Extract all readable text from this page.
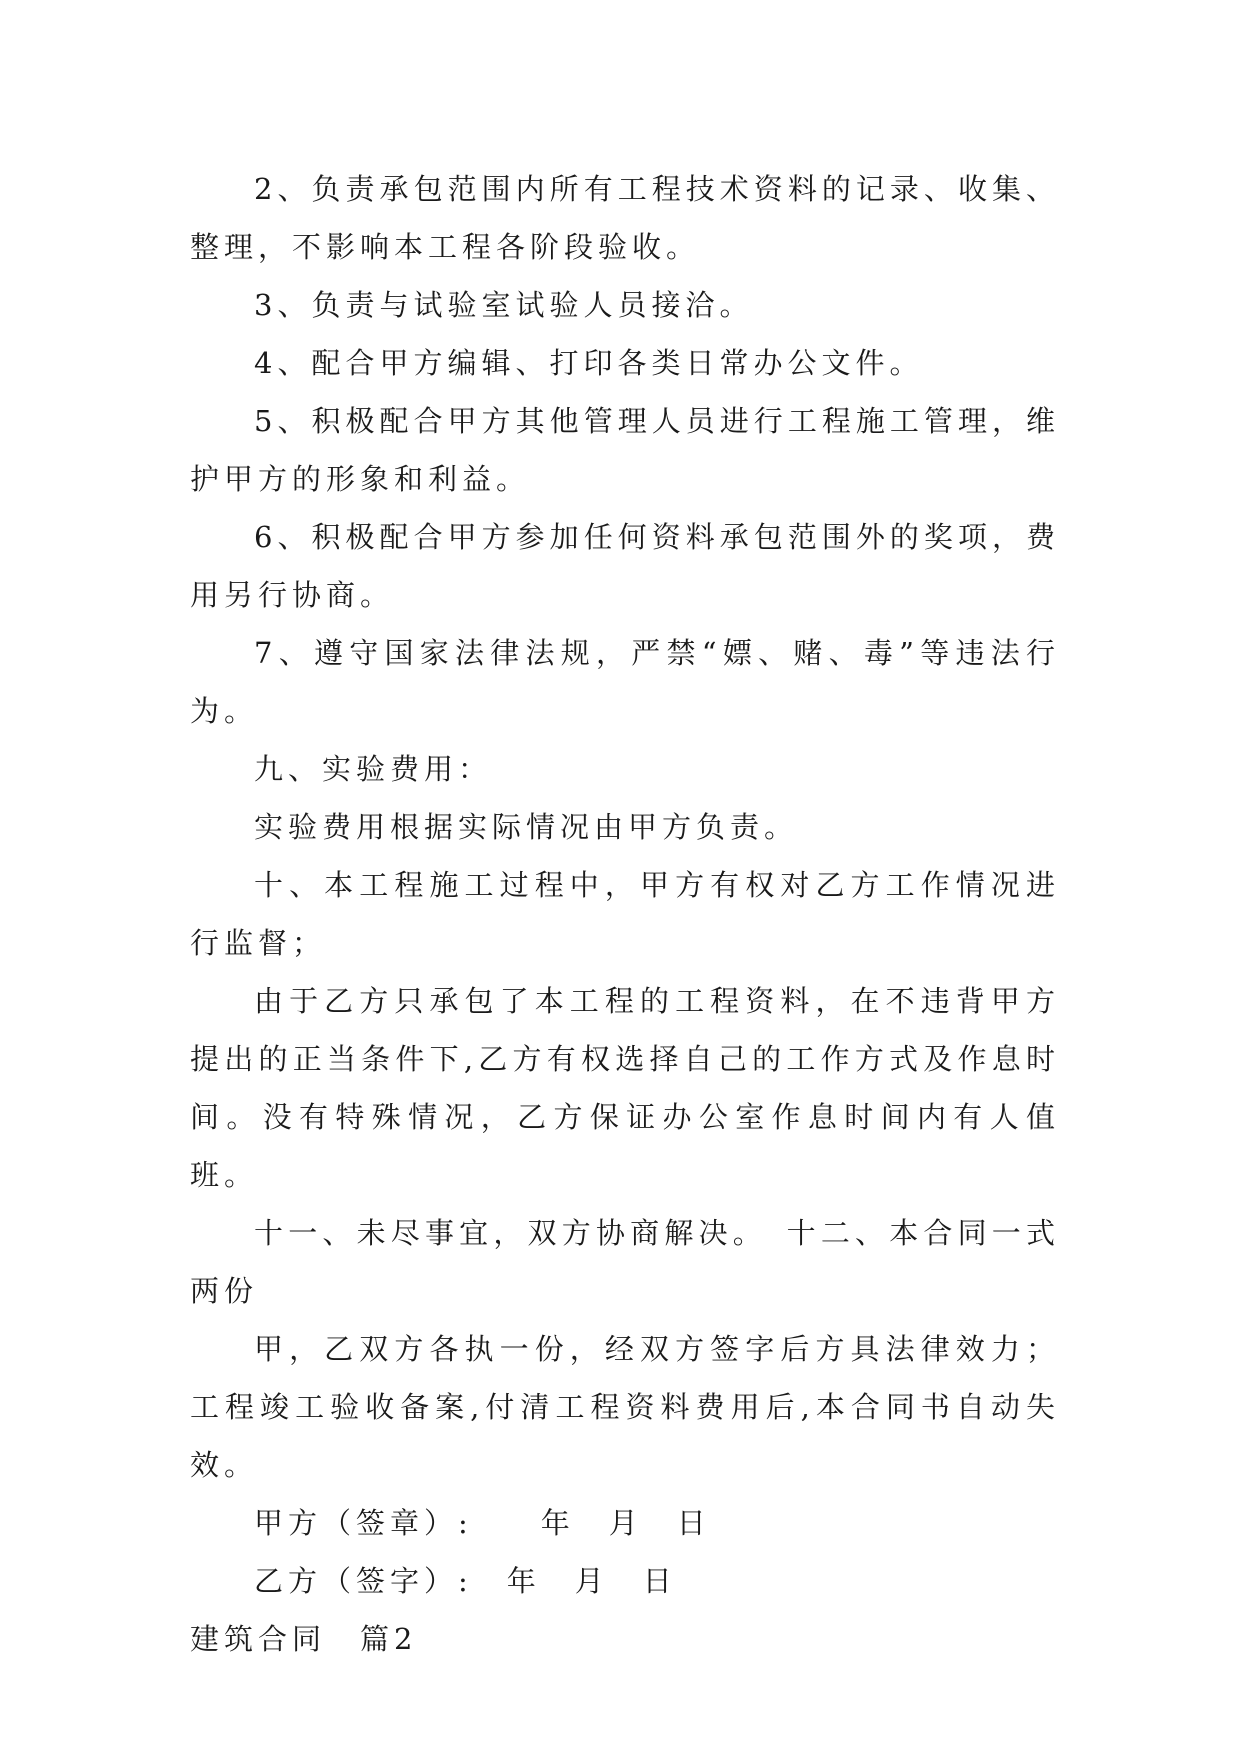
2、负责承包范围内所有工程技术资料的记录、收集、整理，不影响本工程各阶段验收。

3、负责与试验室试验人员接洽。

4、配合甲方编辑、打印各类日常办公文件。

5、积极配合甲方其他管理人员进行工程施工管理，维护甲方的形象和利益。

6、积极配合甲方参加任何资料承包范围外的奖项，费用另行协商。

7、遵守国家法律法规，严禁“嫖、赌、毒”等违法行为。

九、实验费用：

实验费用根据实际情况由甲方负责。

十、本工程施工过程中，甲方有权对乙方工作情况进行监督；

由于乙方只承包了本工程的工程资料，在不违背甲方提出的正当条件下,乙方有权选择自己的工作方式及作息时间。没有特殊情况，乙方保证办公室作息时间内有人值班。

十一、未尽事宜，双方协商解决。　十二、本合同一式两份

甲，乙双方各执一份，经双方签字后方具法律效力；工程竣工验收备案,付清工程资料费用后,本合同书自动失效。

甲方（签章）:　　年　月　日

乙方（签字）:　年　月　日

建筑合同　篇2
